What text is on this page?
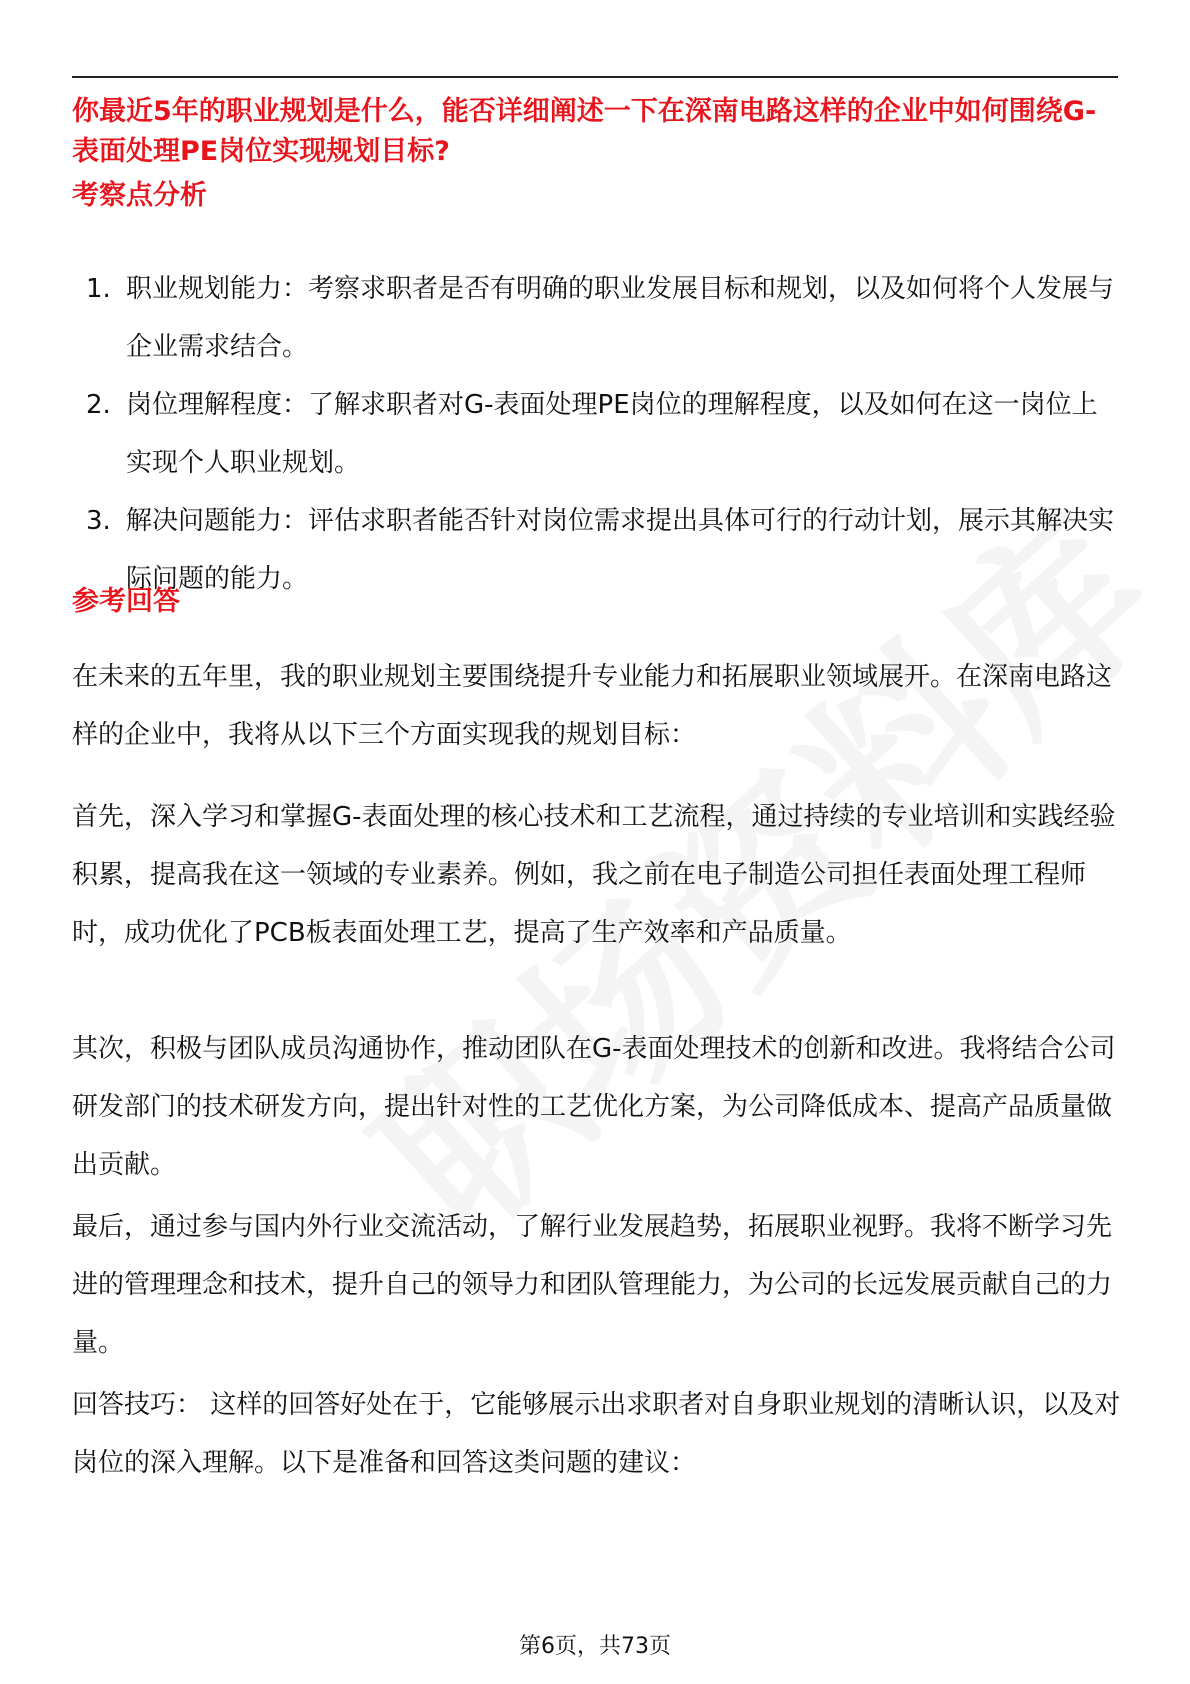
你最近5年的职业规划是什么，能否详细阐述一下在深南电路这样的企业中如何围绕G-表面处理PE岗位实现规划目标?
考察点分析
1. 职业规划能力：考察求职者是否有明确的职业发展目标和规划，以及如何将个人发展与企业需求结合。
2. 岗位理解程度：了解求职者对G-表面处理PE岗位的理解程度，以及如何在这一岗位上实现个人职业规划。
3. 解决问题能力：评估求职者能否针对岗位需求提出具体可行的行动计划，展示其解决实际问题的能力。
参考回答

在未来的五年里，我的职业规划主要围绕提升专业能力和拓展职业领域展开。在深南电路这样的企业中，我将从以下三个方面实现我的规划目标：

首先，深入学习和掌握G-表面处理的核心技术和工艺流程，通过持续的专业培训和实践经验积累，提高我在这一领域的专业素养。例如，我之前在电子制造公司担任表面处理工程师时，成功优化了PCB板表面处理工艺，提高了生产效率和产品质量。

其次，积极与团队成员沟通协作，推动团队在G-表面处理技术的创新和改进。我将结合公司研发部门的技术研发方向，提出针对性的工艺优化方案，为公司降低成本、提高产品质量做出贡献。

最后，通过参与国内外行业交流活动，了解行业发展趋势，拓展职业视野。我将不断学习先进的管理理念和技术，提升自己的领导力和团队管理能力，为公司的长远发展贡献自己的力量。

回答技巧： 这样的回答好处在于，它能够展示出求职者对自身职业规划的清晰认识，以及对岗位的深入理解。以下是准备和回答这类问题的建议：

第6页，共73页
